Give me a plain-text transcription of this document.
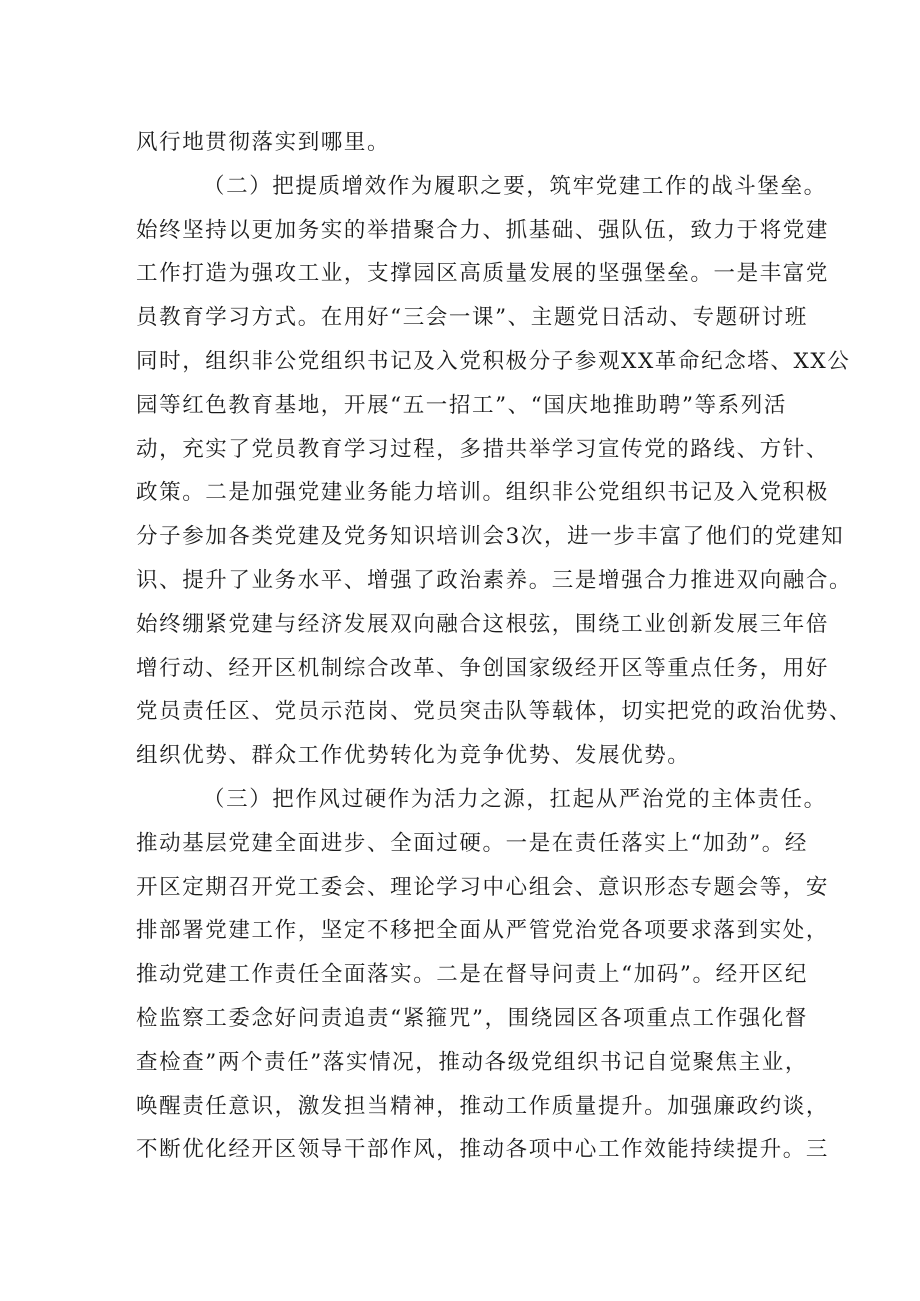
风行地贯彻落实到哪里。
（二）把提质增效作为履职之要，筑牢党建工作的战斗堡垒。
始终坚持以更加务实的举措聚合力、抓基础、强队伍，致力于将党建
工作打造为强攻工业，支撑园区高质量发展的坚强堡垒。一是丰富党
员教育学习方式。在用好“三会一课”、主题党日活动、专题研讨班
同时，组织非公党组织书记及入党积极分子参观XX革命纪念塔、XX公
园等红色教育基地，开展“五一招工”、“国庆地推助聘”等系列活
动，充实了党员教育学习过程，多措共举学习宣传党的路线、方针、
政策。二是加强党建业务能力培训。组织非公党组织书记及入党积极
分子参加各类党建及党务知识培训会3次，进一步丰富了他们的党建知
识、提升了业务水平、增强了政治素养。三是增强合力推进双向融合。
始终绷紧党建与经济发展双向融合这根弦，围绕工业创新发展三年倍
增行动、经开区机制综合改革、争创国家级经开区等重点任务，用好
党员责任区、党员示范岗、党员突击队等载体，切实把党的政治优势、
组织优势、群众工作优势转化为竞争优势、发展优势。
（三）把作风过硬作为活力之源，扛起从严治党的主体责任。
推动基层党建全面进步、全面过硬。一是在责任落实上“加劲”。经
开区定期召开党工委会、理论学习中心组会、意识形态专题会等，安
排部署党建工作，坚定不移把全面从严管党治党各项要求落到实处，
推动党建工作责任全面落实。二是在督导问责上“加码”。经开区纪
检监察工委念好问责追责“紧箍咒”，围绕园区各项重点工作强化督
查检查”两个责任”落实情况，推动各级党组织书记自觉聚焦主业，
唤醒责任意识，激发担当精神，推动工作质量提升。加强廉政约谈，
不断优化经开区领导干部作风，推动各项中心工作效能持续提升。三
